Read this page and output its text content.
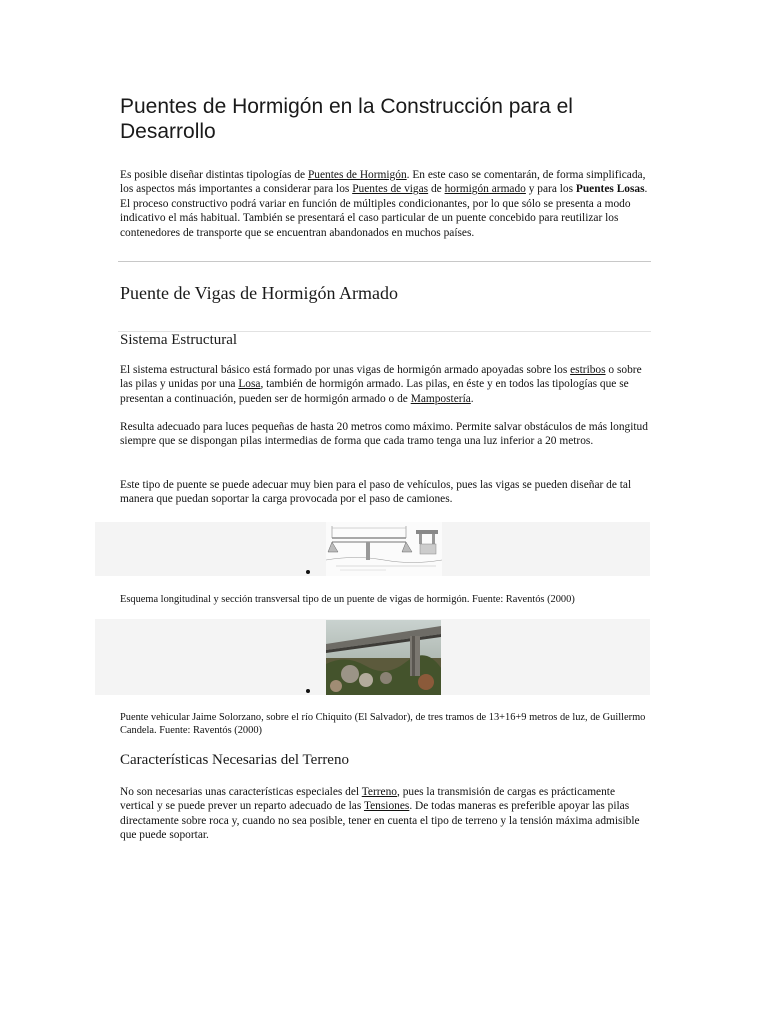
Puentes de Hormigón en la Construcción para el Desarrollo

Es posible diseñar distintas tipologías de Puentes de Hormigón. En este caso se comentarán, de forma simplificada, los aspectos más importantes a considerar para los Puentes de vigas de hormigón armado y para los Puentes Losas. El proceso constructivo podrá variar en función de múltiples condicionantes, por lo que sólo se presenta a modo indicativo el más habitual. También se presentará el caso particular de un puente concebido para reutilizar los contenedores de transporte que se encuentran abandonados en muchos países.

Puente de Vigas de Hormigón Armado
Sistema Estructural

El sistema estructural básico está formado por unas vigas de hormigón armado apoyadas sobre los estribos o sobre las pilas y unidas por una Losa, también de hormigón armado. Las pilas, en éste y en todos las tipologías que se presentan a continuación, pueden ser de hormigón armado o de Mampostería.

Resulta adecuado para luces pequeñas de hasta 20 metros como máximo. Permite salvar obstáculos de más longitud siempre que se dispongan pilas intermedias de forma que cada tramo tenga una luz inferior a 20 metros.

Este tipo de puente se puede adecuar muy bien para el paso de vehículos, pues las vigas se pueden diseñar de tal manera que puedan soportar la carga provocada por el paso de camiones.

Esquema longitudinal y sección transversal tipo de un puente de vigas de hormigón. Fuente: Raventós (2000)

Puente vehicular Jaime Solorzano, sobre el río Chiquito (El Salvador), de tres tramos de 13+16+9 metros de luz, de Guillermo Candela. Fuente: Raventós (2000)

Características Necesarias del Terreno

No son necesarias unas características especiales del Terreno, pues la transmisión de cargas es prácticamente vertical y se puede prever un reparto adecuado de las Tensiones. De todas maneras es preferible apoyar las pilas directamente sobre roca y, cuando no sea posible, tener en cuenta el tipo de terreno y la tensión máxima admisible que puede soportar.
